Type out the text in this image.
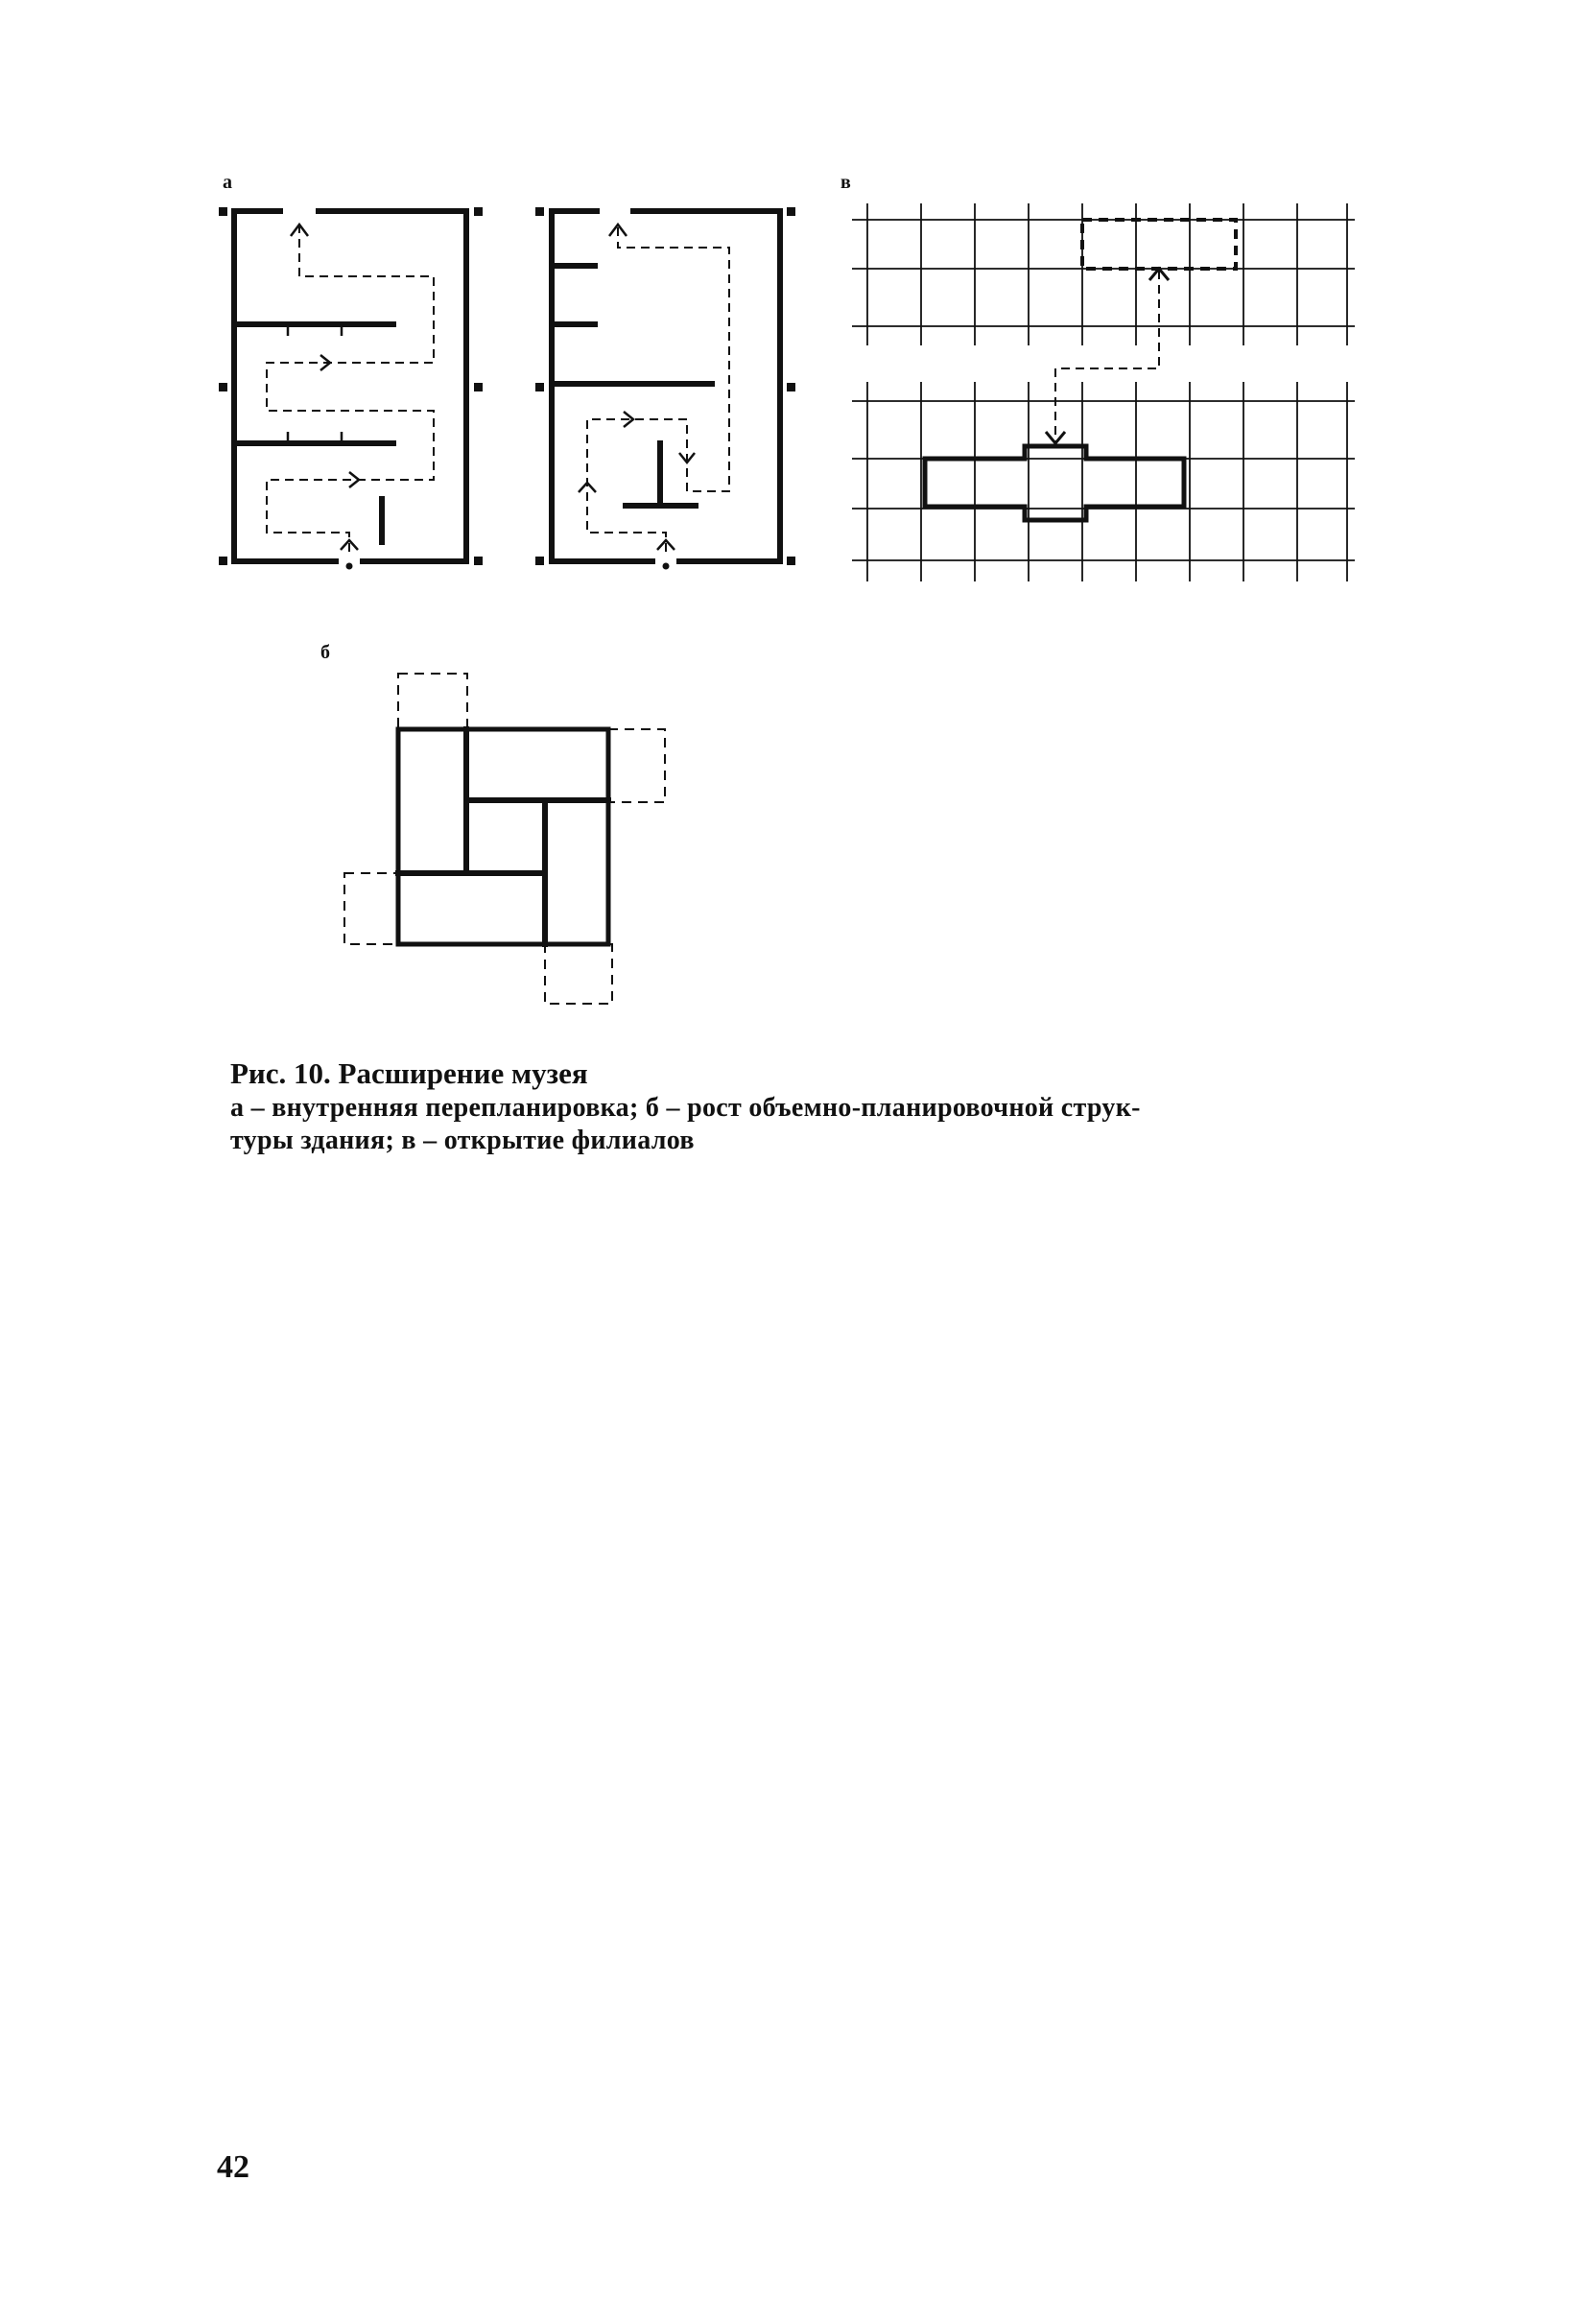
а	в
б

Рис. 10. Расширение музея

а – внутренняя перепланировка; б – рост объемно-планировочной струк-

туры здания; в – открытие филиалов

42
